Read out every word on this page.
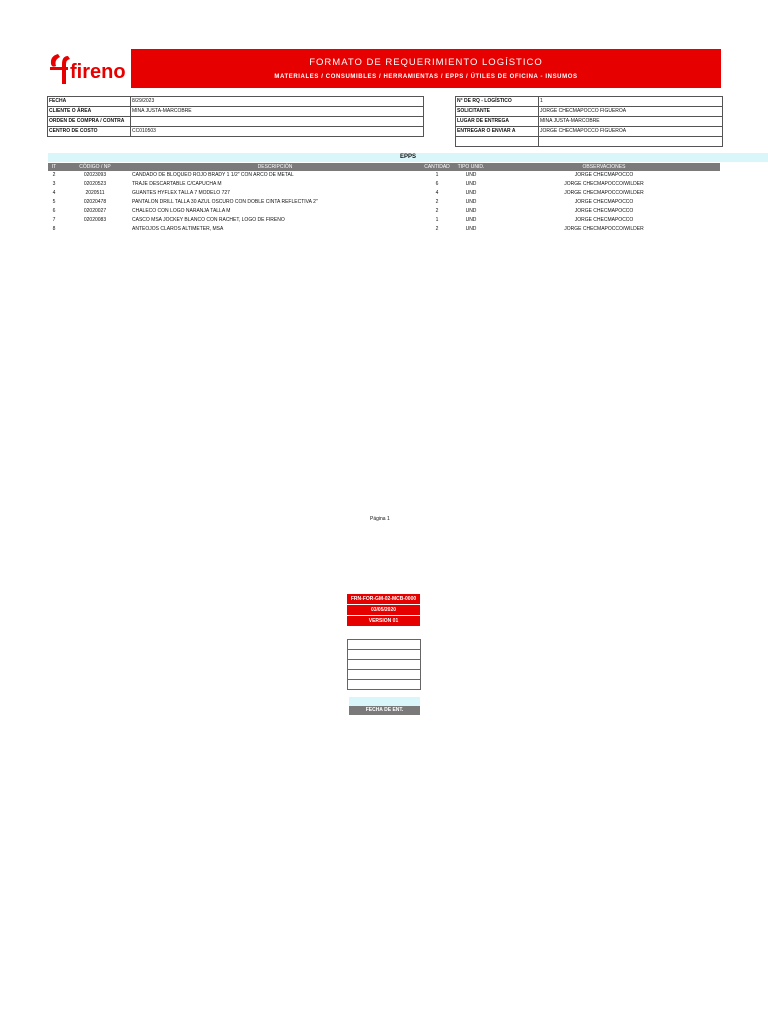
fireno	FORMATO DE REQUERIMIENTO LOGÍSTICO
MATERIALES / CONSUMIBLES / HERRAMIENTAS / EPPS / ÚTILES DE OFICINA - INSUMOS
FECHA	8/29/2023
CLIENTE O ÁREA	MINA JUSTA-MARCOBRE
ORDEN DE COMPRA / CONTRA	
CENTRO DE COSTO	CC010503
N° DE RQ - LOGÍSTICO	1
SOLICITANTE	JORGE CHECMAPOCCO FIGUEROA
LUGAR DE ENTREGA	MINA JUSTA-MARCOBRE
ENTREGAR O ENVIAR A	JORGE CHECMAPOCCO FIGUEROA

EPPS
IT	CÓDIGO / NP	DESCRIPCIÓN	CANTIDAD	TIPO UNID.	OBSERVACIONES
2	02023093	CANDADO DE BLOQUEO ROJO BRADY 1 1/2" CON ARCO DE METAL	1	UND	JORGE CHECMAPOCCO
3	02020523	TRAJE DESCARTABLE C/CAPUCHA M	6	UND	JORGE CHECMAPOCCO/WILDER
4	2020511	GUANTES HYFLEX TALLA 7 MODELO 727	4	UND	JORGE CHECMAPOCCO/WILDER
5	02020478	PANTALON DRILL TALLA 30 AZUL OSCURO CON DOBLE CINTA REFLECTIVA 2"	2	UND	JORGE CHECMAPOCCO
6	02020027	CHALECO CON LOGO NARANJA TALLA M	2	UND	JORGE CHECMAPOCCO
7	02020083	CASCO MSA JOCKEY BLANCO CON RACHET, LOGO DE FIRENO	1	UND	JORGE CHECMAPOCCO
8		ANTEOJOS CLAROS ALTIMETER, MSA	2	UND	JORGE CHECMAPOCCO/WILDER
Página 1
FRN-FOR-GM-02-MCB-0000
03/05/2020
VERSION 01
FECHA DE ENT.
